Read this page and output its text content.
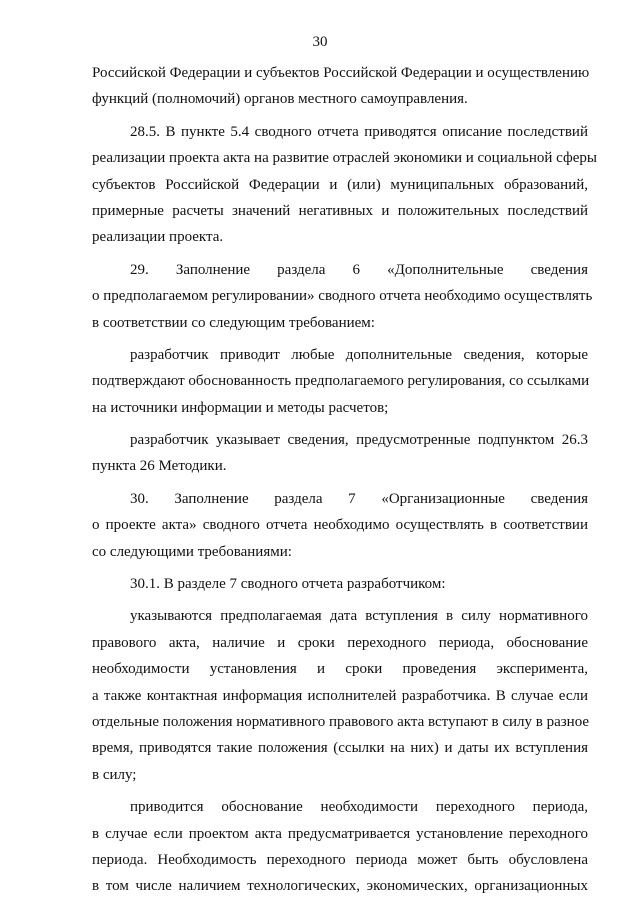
30
Российской Федерации и субъектов Российской Федерации и осуществлению
функций (полномочий) органов местного самоуправления.
28.5. В пункте 5.4 сводного отчета приводятся описание последствий
реализации проекта акта на развитие отраслей экономики и социальной сферы
субъектов Российской Федерации и (или) муниципальных образований,
примерные расчеты значений негативных и положительных последствий
реализации проекта.
29. Заполнение раздела 6 «Дополнительные сведения
о предполагаемом регулировании» сводного отчета необходимо осуществлять
в соответствии со следующим требованием:
разработчик приводит любые дополнительные сведения, которые
подтверждают обоснованность предполагаемого регулирования, со ссылками
на источники информации и методы расчетов;
разработчик указывает сведения, предусмотренные подпунктом 26.3
пункта 26 Методики.
30. Заполнение раздела 7 «Организационные сведения
о проекте акта» сводного отчета необходимо осуществлять в соответствии
со следующими требованиями:
30.1. В разделе 7 сводного отчета разработчиком:
указываются предполагаемая дата вступления в силу нормативного
правового акта, наличие и сроки переходного периода, обоснование
необходимости установления и сроки проведения эксперимента,
а также контактная информация исполнителей разработчика. В случае если
отдельные положения нормативного правового акта вступают в силу в разное
время, приводятся такие положения (ссылки на них) и даты их вступления
в силу;
приводится обоснование необходимости переходного периода,
в случае если проектом акта предусматривается установление переходного
периода. Необходимость переходного периода может быть обусловлена
в том числе наличием технологических, экономических, организационных
